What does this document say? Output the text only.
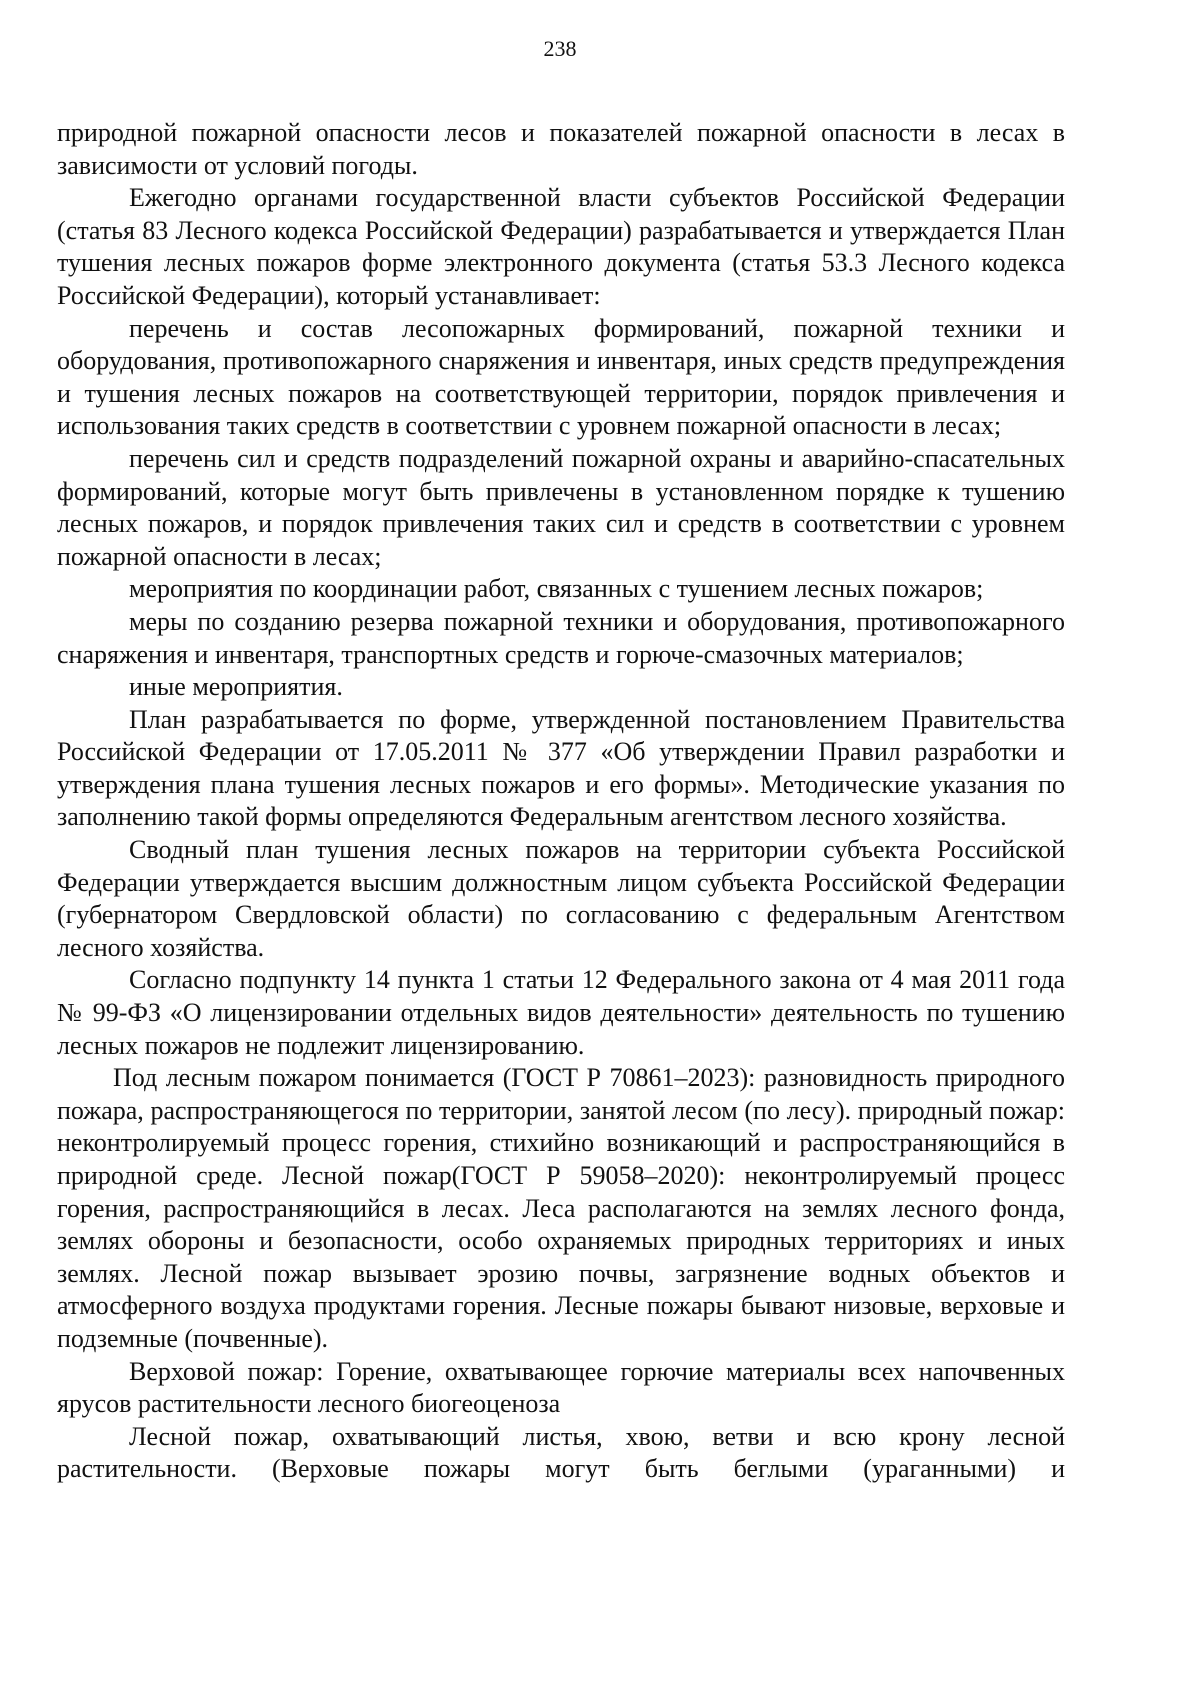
238

природной пожарной опасности лесов и показателей пожарной опасности в лесах в зависимости от условий погоды.

Ежегодно органами государственной власти субъектов Российской Федерации (статья 83 Лесного кодекса Российской Федерации) разрабатывается и утверждается План тушения лесных пожаров форме электронного документа (статья 53.3 Лесного кодекса Российской Федерации), который устанавливает:

перечень и состав лесопожарных формирований, пожарной техники и оборудования, противопожарного снаряжения и инвентаря, иных средств предупреждения и тушения лесных пожаров на соответствующей территории, порядок привлечения и использования таких средств в соответствии с уровнем пожарной опасности в лесах;

перечень сил и средств подразделений пожарной охраны и аварийно-спасательных формирований, которые могут быть привлечены в установленном порядке к тушению лесных пожаров, и порядок привлечения таких сил и средств в соответствии с уровнем пожарной опасности в лесах;

мероприятия по координации работ, связанных с тушением лесных пожаров;

меры по созданию резерва пожарной техники и оборудования, противопожарного снаряжения и инвентаря, транспортных средств и горюче-смазочных материалов;

иные мероприятия.

План разрабатывается по форме, утвержденной постановлением Правительства Российской Федерации от 17.05.2011 № 377 «Об утверждении Правил разработки и утверждения плана тушения лесных пожаров и его формы». Методические указания по заполнению такой формы определяются Федеральным агентством лесного хозяйства.

Сводный план тушения лесных пожаров на территории субъекта Российской Федерации утверждается высшим должностным лицом субъекта Российской Федерации (губернатором Свердловской области) по согласованию с федеральным Агентством лесного хозяйства.

Согласно подпункту 14 пункта 1 статьи 12 Федерального закона от 4 мая 2011 года № 99-ФЗ «О лицензировании отдельных видов деятельности» деятельность по тушению лесных пожаров не подлежит лицензированию.

Под лесным пожаром понимается (ГОСТ Р 70861–2023): разновидность природного пожара, распространяющегося по территории, занятой лесом (по лесу). природный пожар: неконтролируемый процесс горения, стихийно возникающий и распространяющийся в природной среде. Лесной пожар(ГОСТ Р 59058–2020): неконтролируемый процесс горения, распространяющийся в лесах. Леса располагаются на землях лесного фонда, землях обороны и безопасности, особо охраняемых природных территориях и иных землях. Лесной пожар вызывает эрозию почвы, загрязнение водных объектов и атмосферного воздуха продуктами горения. Лесные пожары бывают низовые, верховые и подземные (почвенные).

Верховой пожар: Горение, охватывающее горючие материалы всех напочвенных ярусов растительности лесного биогеоценоза

Лесной пожар, охватывающий листья, хвою, ветви и всю крону лесной растительности. (Верховые пожары могут быть беглыми (ураганными) и
